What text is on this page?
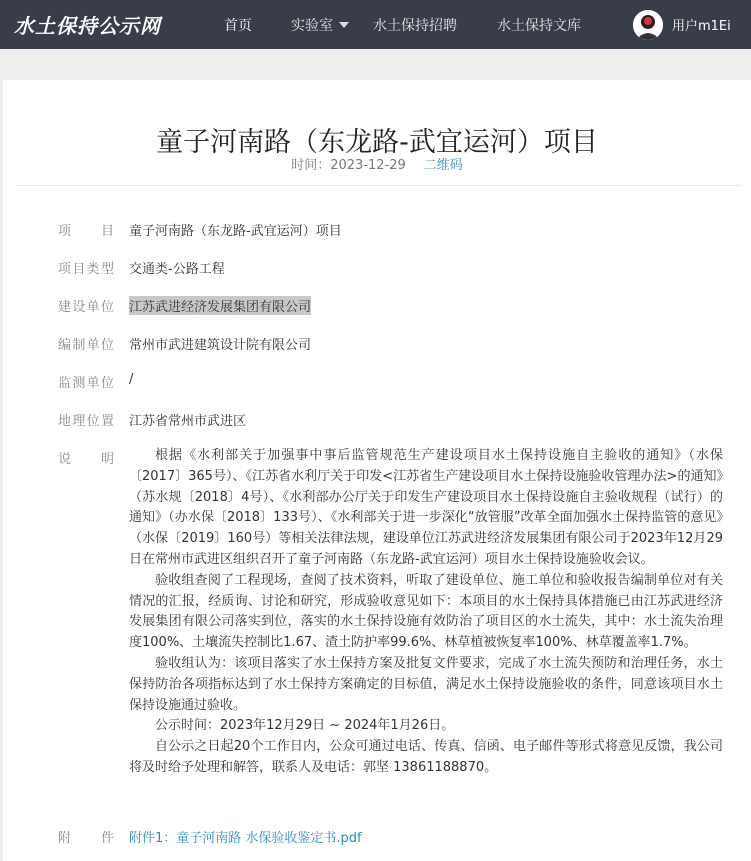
水土保持公示网	首页	实验室	水土保持招聘	水土保持文库	用户m1Ei
童子河南路（东龙路-武宜运河）项目
时间：2023-12-29 二维码
项目 童子河南路（东龙路-武宜运河）项目
项目类型 交通类-公路工程
建设单位 江苏武进经济发展集团有限公司
编制单位 常州市武进建筑设计院有限公司
监测单位 /
地理位置 江苏省常州市武进区
说明	根据《水利部关于加强事中事后监管规范生产建设项目水土保持设施自主验收的通知》（水保〔2017〕365号）、《江苏省水利厅关于印发<江苏省生产建设项目水土保持设施验收管理办法>的通知》（苏水规〔2018〕4号）、《水利部办公厅关于印发生产建设项目水土保持设施自主验收规程（试行）的通知》（办水保〔2018〕133号）、《水利部关于进一步深化“放管服”改革全面加强水土保持监管的意见》（水保〔2019〕160号）等相关法律法规，建设单位江苏武进经济发展集团有限公司于2023年12月29日在常州市武进区组织召开了童子河南路（东龙路-武宜运河）项目水土保持设施验收会议。

验收组查阅了工程现场，查阅了技术资料，听取了建设单位、施工单位和验收报告编制单位对有关情况的汇报，经质询、讨论和研究，形成验收意见如下：本项目的水土保持具体措施已由江苏武进经济发展集团有限公司落实到位，落实的水土保持设施有效防治了项目区的水土流失，其中：水土流失治理度100%、土壤流失控制比1.67、渣土防护率99.6%、林草植被恢复率100%、林草覆盖率1.7%。

验收组认为：该项目落实了水土保持方案及批复文件要求，完成了水土流失预防和治理任务，水土保持防治各项指标达到了水土保持方案确定的目标值，满足水土保持设施验收的条件，同意该项目水土保持设施通过验收。

公示时间：2023年12月29日 ~ 2024年1月26日。

自公示之日起20个工作日内，公众可通过电话、传真、信函、电子邮件等形式将意见反馈，我公司将及时给予处理和解答，联系人及电话：郭坚 13861188870。

附件 附件1：童子河南路 水保验收鉴定书.pdf
